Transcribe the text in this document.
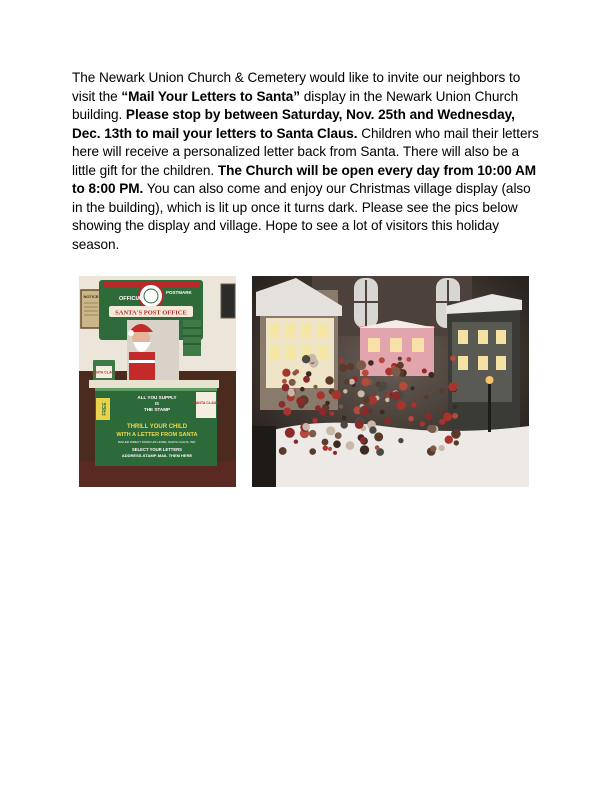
The Newark Union Church & Cemetery would like to invite our neighbors to visit the “Mail Your Letters to Santa” display in the Newark Union Church building. Please stop by between Saturday, Nov. 25th and Wednesday, Dec. 13th to mail your letters to Santa Claus. Children who mail their letters here will receive a personalized letter back from Santa. There will also be a little gift for the children. The Church will be open every day from 10:00 AM to 8:00 PM. You can also come and enjoy our Christmas village display (also in the building), which is lit up once it turns dark. Please see the pics below showing the display and village. Hope to see a lot of visitors this holiday season.
NOTICE	OFFICIAL
POSTMARK
SANTA'S POST OFFICE
SANTA CLAUS
FREE
ALL YOU SUPPLY
IS
THE STAMP
SANTA CLAUS
THRILL YOUR CHILD
WITH A LETTER FROM SANTA
MAILED DIRECT FROM HIS HOME, SANTA CLAUS, IND.
SELECT YOUR LETTERS
ADDRESS-STAMP-MAIL THEM HERE
